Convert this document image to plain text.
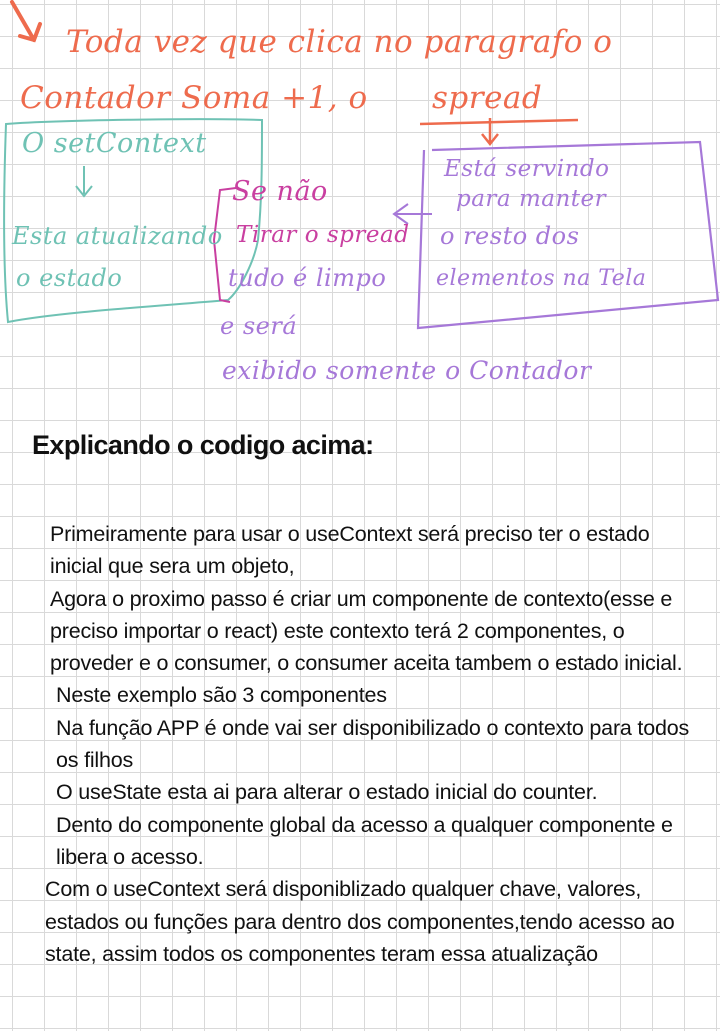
Toda vez que clica no paragrafo o
Contador Soma +1, o spread
O setContext
Esta atualizando
o estado
Se não
Tirar o spread
tudo é limpo
e será
exibido somente o Contador
Está servindo
para manter
o resto dos
elementos na Tela
Explicando o codigo acima:

Primeiramente para usar o useContext será preciso ter o estado inicial que sera um objeto,

Agora o proximo passo é criar um componente de contexto(esse e preciso importar o react) este contexto terá 2 componentes, o proveder e o consumer, o consumer aceita tambem o estado inicial.

Neste exemplo são 3 componentes

Na função APP é onde vai ser disponibilizado o contexto para todos os filhos

O useState esta ai para alterar o estado inicial do counter.

Dento do componente global da acesso a qualquer componente e libera o acesso.

Com o useContext será disponiblizado qualquer chave, valores, estados ou funções para dentro dos componentes,tendo acesso ao state, assim todos os componentes teram essa atualização
